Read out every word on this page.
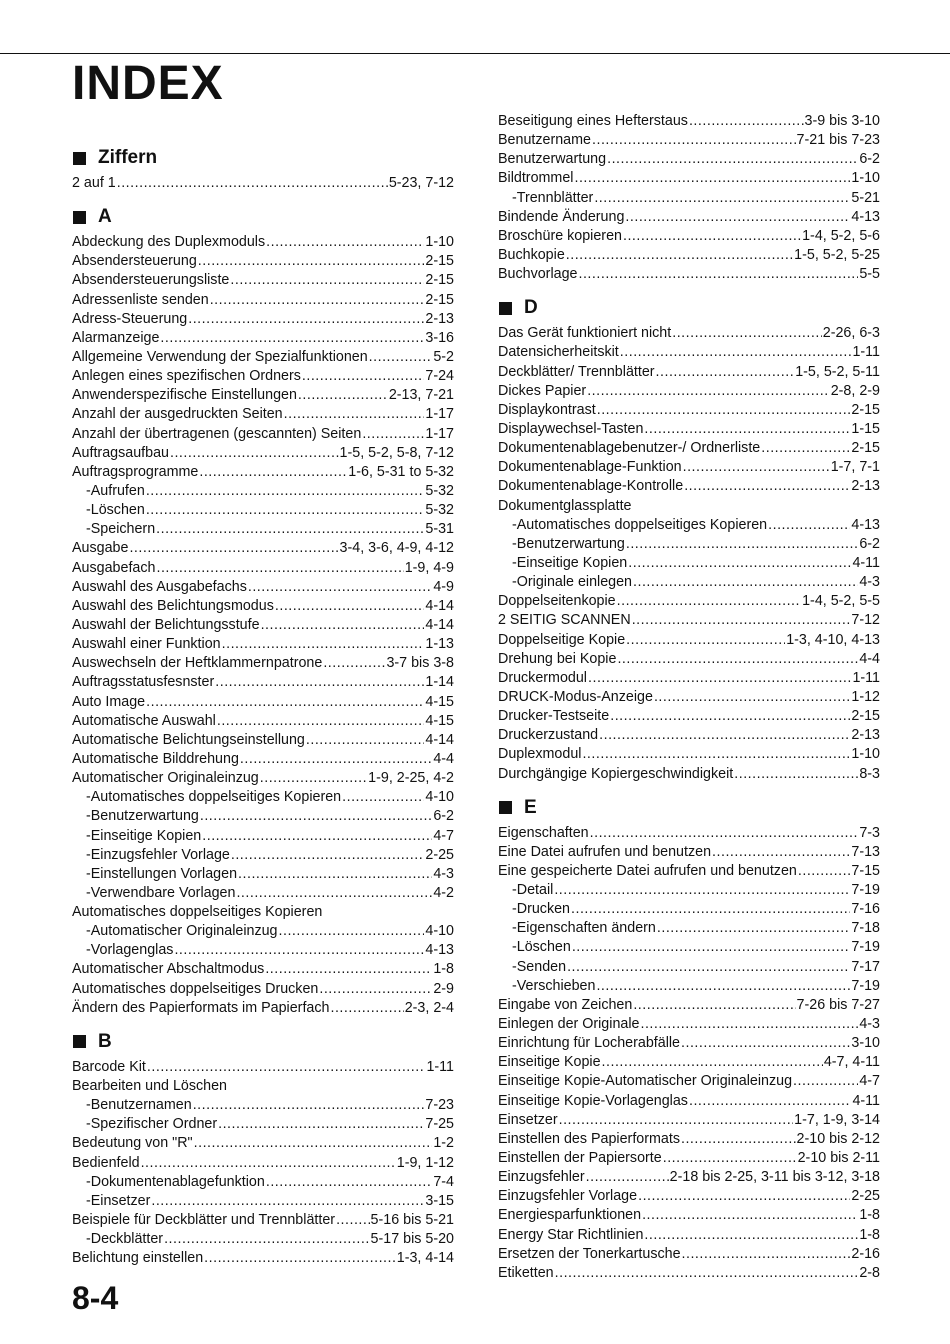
INDEX
Ziffern
2 auf 1 .....	5-23, 7-12
A
Abdeckung des Duplexmoduls .....	1-10
Absendersteuerung .....	2-15
Absendersteuerungsliste .....	2-15
Adressenliste senden .....	2-15
Adress-Steuerung .....	2-13
Alarmanzeige .....	3-16
Allgemeine Verwendung der Spezialfunktionen .....	5-2
Anlegen eines spezifischen Ordners .....	7-24
Anwenderspezifische Einstellungen .....	2-13, 7-21
Anzahl der ausgedruckten Seiten .....	1-17
Anzahl der übertragenen (gescannten) Seiten .....	1-17
Auftragsaufbau .....	1-5, 5-2, 5-8, 7-12
Auftragsprogramme .....	1-6, 5-31 to 5-32
-Aufrufen .....	5-32
-Löschen .....	5-32
-Speichern .....	5-31
Ausgabe .....	3-4, 3-6, 4-9, 4-12
Ausgabefach .....	1-9, 4-9
Auswahl des Ausgabefachs .....	4-9
Auswahl des Belichtungsmodus .....	4-14
Auswahl der Belichtungsstufe .....	4-14
Auswahl einer Funktion .....	1-13
Auswechseln der Heftklammernpatrone .....	3-7 bis 3-8
Auftragsstatusfesnster .....	1-14
Auto Image .....	4-15
Automatische Auswahl .....	4-15
Automatische Belichtungseinstellung .....	4-14
Automatische Bilddrehung .....	4-4
Automatischer Originaleinzug .....	1-9, 2-25, 4-2
-Automatisches doppelseitiges Kopieren .....	4-10
-Benutzerwartung .....	6-2
-Einseitige Kopien .....	4-7
-Einzugsfehler Vorlage .....	2-25
-Einstellungen Vorlagen .....	4-3
-Verwendbare Vorlagen .....	4-2
Automatisches doppelseitiges Kopieren
-Automatischer Originaleinzug .....	4-10
-Vorlagenglas .....	4-13
Automatischer Abschaltmodus .....	1-8
Automatisches doppelseitiges Drucken .....	2-9
Ändern des Papierformats im Papierfach .....	2-3, 2-4
B
Barcode Kit .....	1-11
Bearbeiten und Löschen
-Benutzernamen .....	7-23
-Spezifischer Ordner .....	7-25
Bedeutung von "R" .....	1-2
Bedienfeld .....	1-9, 1-12
-Dokumentenablagefunktion .....	7-4
-Einsetzer .....	3-15
Beispiele für Deckblätter und Trennblätter ..... 5-16 bis 5-21
-Deckblätter .....	5-17 bis 5-20
Belichtung einstellen .....	1-3, 4-14
Beseitigung eines Hefterstaus .....	3-9 bis 3-10
Benutzername .....	7-21 bis 7-23
Benutzerwartung .....	6-2
Bildtrommel .....	1-10
-Trennblätter .....	5-21
Bindende Änderung .....	4-13
Broschüre kopieren .....	1-4, 5-2, 5-6
Buchkopie .....	1-5, 5-2, 5-25
Buchvorlage .....	5-5
D
Das Gerät funktioniert nicht .....	2-26, 6-3
Datensicherheitskit .....	1-11
Deckblätter/ Trennblätter .....	1-5, 5-2, 5-11
Dickes Papier .....	2-8, 2-9
Displaykontrast .....	2-15
Displaywechsel-Tasten .....	1-15
Dokumentenablagebenutzer-/ Ordnerliste .....	2-15
Dokumentenablage-Funktion .....	1-7, 7-1
Dokumentenablage-Kontrolle .....	2-13
Dokumentglassplatte
-Automatisches doppelseitiges Kopieren .....	4-13
-Benutzerwartung .....	6-2
-Einseitige Kopien .....	4-11
-Originale einlegen .....	4-3
Doppelseitenkopie .....	1-4, 5-2, 5-5
2 SEITIG SCANNEN .....	7-12
Doppelseitige Kopie .....	1-3, 4-10, 4-13
Drehung bei Kopie .....	4-4
Druckermodul .....	1-11
DRUCK-Modus-Anzeige .....	1-12
Drucker-Testseite .....	2-15
Druckerzustand .....	2-13
Duplexmodul .....	1-10
Durchgängige Kopiergeschwindigkeit .....	8-3
E
Eigenschaften .....	7-3
Eine Datei aufrufen und benutzen .....	7-13
Eine gespeicherte Datei aufrufen und benutzen .....	7-15
-Detail .....	7-19
-Drucken .....	7-16
-Eigenschaften ändern .....	7-18
-Löschen .....	7-19
-Senden .....	7-17
-Verschieben .....	7-19
Eingabe von Zeichen .....	7-26 bis 7-27
Einlegen der Originale .....	4-3
Einrichtung für Locherabfälle .....	3-10
Einseitige Kopie .....	4-7, 4-11
Einseitige Kopie-Automatischer Originaleinzug .....	4-7
Einseitige Kopie-Vorlagenglas .....	4-11
Einsetzer .....	1-7, 1-9, 3-14
Einstellen des Papierformats .....	2-10 bis 2-12
Einstellen der Papiersorte .....	2-10 bis 2-11
Einzugsfehler .....	2-18 bis 2-25, 3-11 bis 3-12, 3-18
Einzugsfehler Vorlage .....	2-25
Energiesparfunktionen .....	1-8
Energy Star Richtlinien .....	1-8
Ersetzen der Tonerkartusche .....	2-16
Etiketten .....	2-8
8-4
